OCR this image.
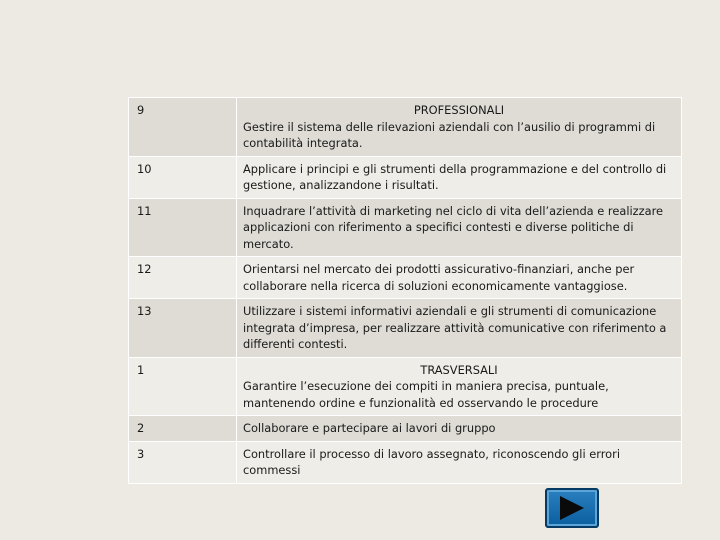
9	PROFESSIONALI
Gestire il sistema delle rilevazioni aziendali con l’ausilio di programmi di contabilità integrata.

10	Applicare i principi e gli strumenti della programmazione e del controllo di gestione, analizzandone i risultati.

11	Inquadrare l’attività di marketing nel ciclo di vita dell’azienda e realizzare applicazioni con riferimento a specifici contesti e diverse politiche di mercato.

12	Orientarsi nel mercato dei prodotti assicurativo-finanziari, anche per collaborare nella ricerca di soluzioni economicamente vantaggiose.

13	Utilizzare i sistemi informativi aziendali e gli strumenti di comunicazione integrata d’impresa, per realizzare attività comunicative con riferimento a differenti contesti.

1	TRASVERSALI
Garantire l’esecuzione dei compiti in maniera precisa, puntuale, mantenendo ordine e funzionalità ed osservando le procedure

2	Collaborare e partecipare ai lavori di gruppo

3	Controllare il processo di lavoro assegnato, riconoscendo gli errori commessi
